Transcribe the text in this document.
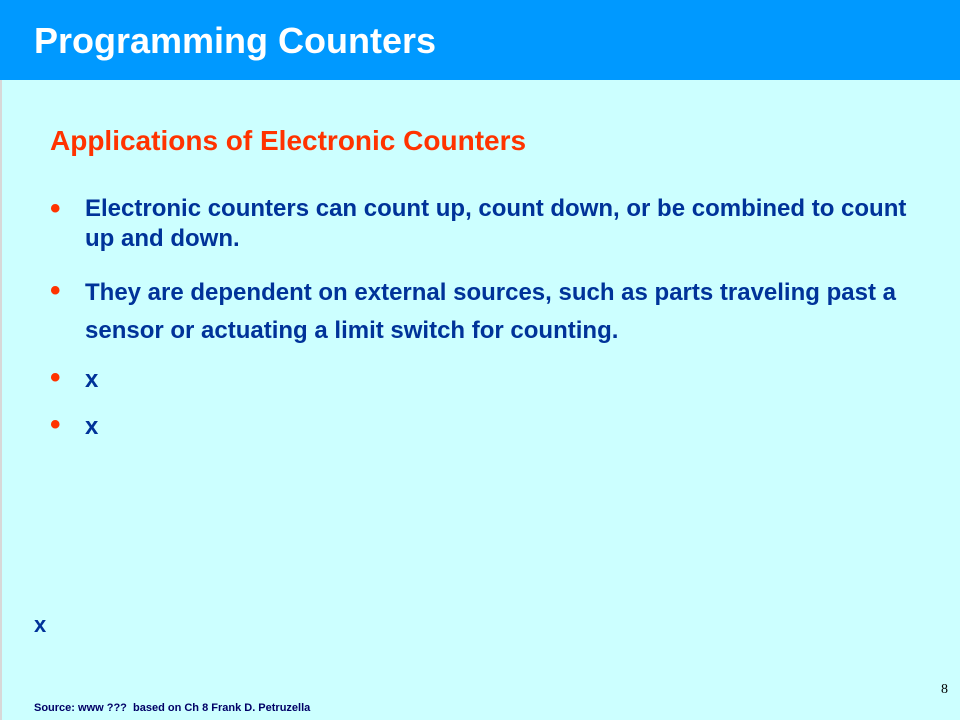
Programming Counters
Applications of Electronic Counters
• Electronic counters can count up, count down, or be combined to count up and down.
• They are dependent on external sources, such as parts traveling past a sensor or actuating a limit switch for counting.
• x
• x
x
Source: www ???  based on Ch 8 Frank D. Petruzella
8
